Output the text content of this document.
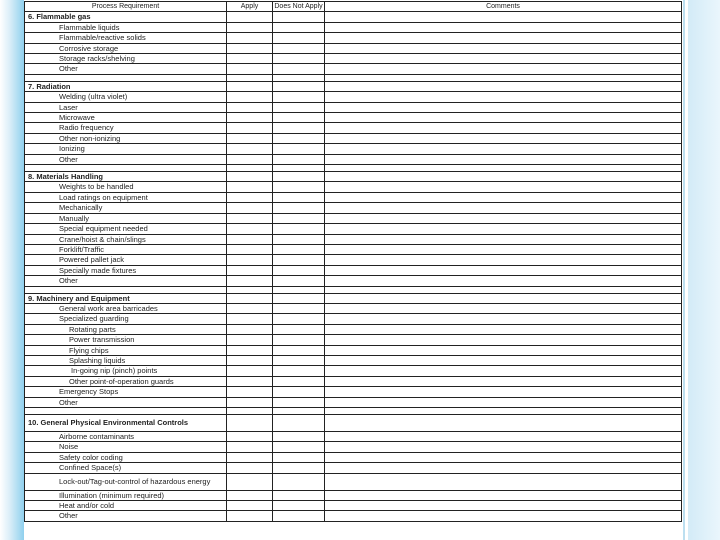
Process Requirement	Apply	Does Not Apply	Comments
6. Flammable gas			
Flammable liquids			
Flammable/reactive solids			
Corrosive storage			
Storage racks/shelving			
Other			

7. Radiation			
Welding (ultra violet)			
Laser			
Microwave			
Radio frequency			
Other non-ionizing			
Ionizing			
Other			

8. Materials Handling			
Weights to be handled			
Load ratings on equipment			
Mechanically			
Manually			
Special equipment needed			
Crane/hoist & chain/slings			
Forklift/Traffic			
Powered pallet jack			
Specially made fixtures			
Other			

9. Machinery and Equipment			
General work area barricades			
Specialized guarding			
Rotating parts			
Power transmission			
Flying chips			
Splashing liquids			
In-going nip (pinch) points			
Other point-of-operation guards			
Emergency Stops			
Other			

10. General Physical Environmental Controls			
Airborne contaminants			
Noise			
Safety color coding			
Confined Space(s)			
Lock-out/Tag-out-control of hazardous energy			
Illumination (minimum required)			
Heat and/or cold			
Other			
